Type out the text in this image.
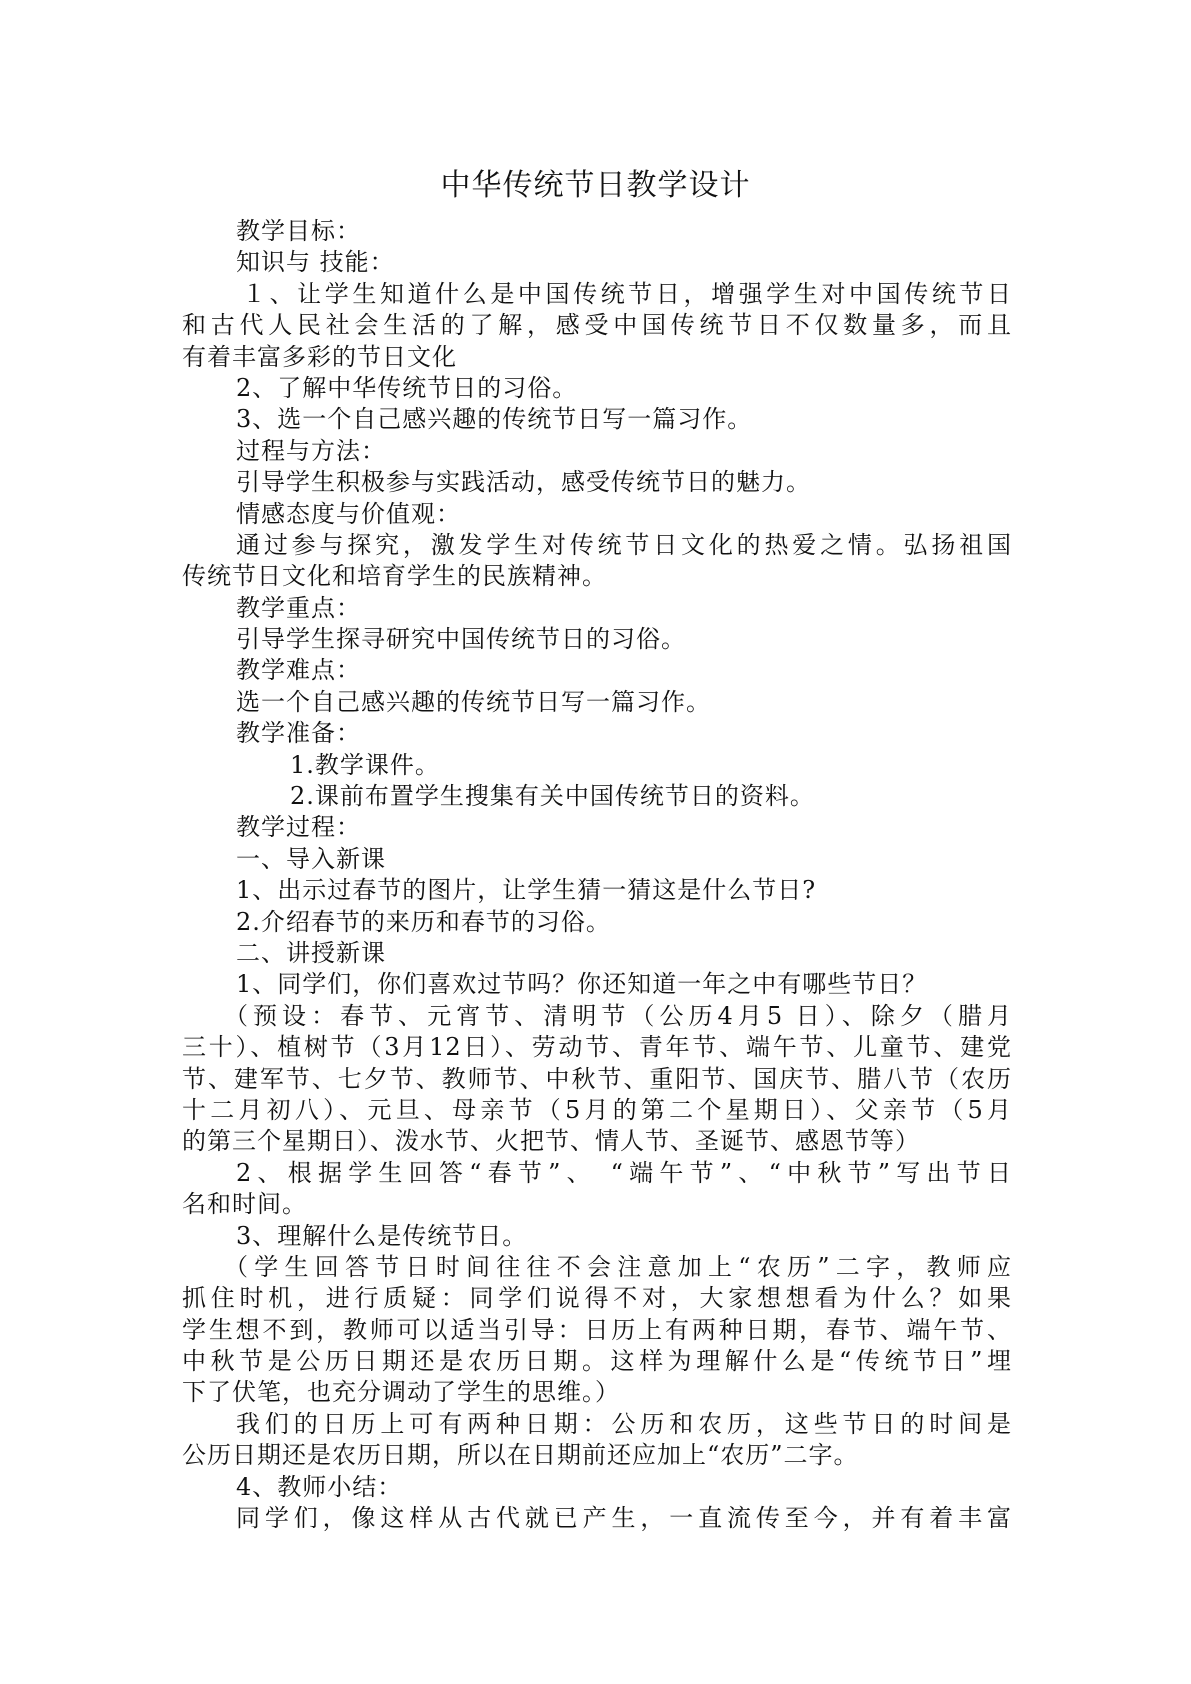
中华传统节日教学设计
教学目标：
知识与 技能：
１、让学生知道什么是中国传统节日，增强学生对中国传统节日
和古代人民社会生活的了解，感受中国传统节日不仅数量多，而且
有着丰富多彩的节日文化
2、了解中华传统节日的习俗。
3、选一个自己感兴趣的传统节日写一篇习作。
过程与方法：
引导学生积极参与实践活动，感受传统节日的魅力。
情感态度与价值观：
通过参与探究，激发学生对传统节日文化的热爱之情。弘扬祖国
传统节日文化和培育学生的民族精神。
教学重点：
引导学生探寻研究中国传统节日的习俗。
教学难点：
选一个自己感兴趣的传统节日写一篇习作。
教学准备：
1.教学课件。
2.课前布置学生搜集有关中国传统节日的资料。
教学过程：
一、导入新课
1、出示过春节的图片，让学生猜一猜这是什么节日?
2.介绍春节的来历和春节的习俗。
二、讲授新课
1、同学们，你们喜欢过节吗？你还知道一年之中有哪些节日？
（预设：春节、元宵节、清明节（公历4月5 日）、除夕（腊月
三十）、植树节（3月12日）、劳动节、青年节、端午节、儿童节、建党
节、建军节、七夕节、教师节、中秋节、重阳节、国庆节、腊八节（农历
十二月初八）、元旦、母亲节（5月的第二个星期日）、父亲节（5月
的第三个星期日）、泼水节、火把节、情人节、圣诞节、感恩节等）
2、根据学生回答“春节”、 “端午节”、“中秋节”写出节日
名和时间。
3、理解什么是传统节日。
（学生回答节日时间往往不会注意加上“农历”二字，教师应
抓住时机，进行质疑：同学们说得不对，大家想想看为什么？如果
学生想不到，教师可以适当引导：日历上有两种日期，春节、端午节、
中秋节是公历日期还是农历日期。这样为理解什么是“传统节日”埋
下了伏笔，也充分调动了学生的思维。）
我们的日历上可有两种日期：公历和农历，这些节日的时间是
公历日期还是农历日期，所以在日期前还应加上“农历”二字。
4、教师小结：
同学们，像这样从古代就已产生，一直流传至今，并有着丰富
